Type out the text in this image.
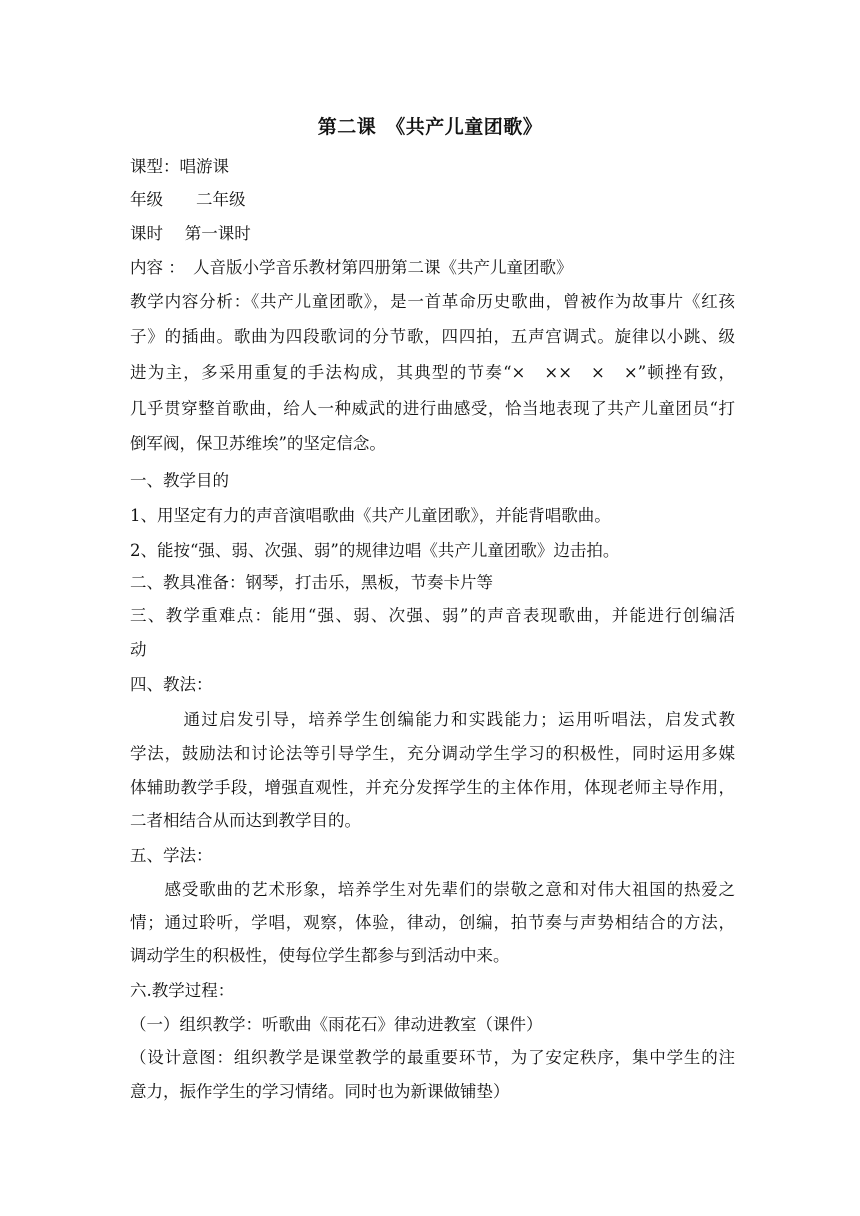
第二课　《共产儿童团歌》
课型：唱游课
年级　　二年级
课时　 第一课时
内容 ：　人音版小学音乐教材第四册第二课《共产儿童团歌》
教学内容分析：《共产儿童团歌》，是一首革命历史歌曲，曾被作为故事片《红孩
子》的插曲。歌曲为四段歌词的分节歌，四四拍，五声宫调式。旋律以小跳、级
进为主，多采用重复的手法构成，其典型的节奏“×　××　×　×”顿挫有致，
几乎贯穿整首歌曲，给人一种威武的进行曲感受，恰当地表现了共产儿童团员“打
倒军阀，保卫苏维埃”的坚定信念。
一、教学目的
1、用坚定有力的声音演唱歌曲《共产儿童团歌》，并能背唱歌曲。
2、能按“强、弱、次强、弱”的规律边唱《共产儿童团歌》边击拍。
二、教具准备：钢琴，打击乐，黑板，节奏卡片等
三、教学重难点：能用“强、弱、次强、弱”的声音表现歌曲，并能进行创编活
动
四、教法：
　　　通过启发引导，培养学生创编能力和实践能力；运用听唱法，启发式教
学法，鼓励法和讨论法等引导学生，充分调动学生学习的积极性，同时运用多媒
体辅助教学手段，增强直观性，并充分发挥学生的主体作用，体现老师主导作用，
二者相结合从而达到教学目的。
五、学法：
　　感受歌曲的艺术形象，培养学生对先辈们的崇敬之意和对伟大祖国的热爱之
情；通过聆听，学唱，观察，体验，律动，创编，拍节奏与声势相结合的方法，
调动学生的积极性，使每位学生都参与到活动中来。
六.教学过程：
（一）组织教学：听歌曲《雨花石》律动进教室（课件）
（设计意图：组织教学是课堂教学的最重要环节，为了安定秩序，集中学生的注
意力，振作学生的学习情绪。同时也为新课做铺垫）
